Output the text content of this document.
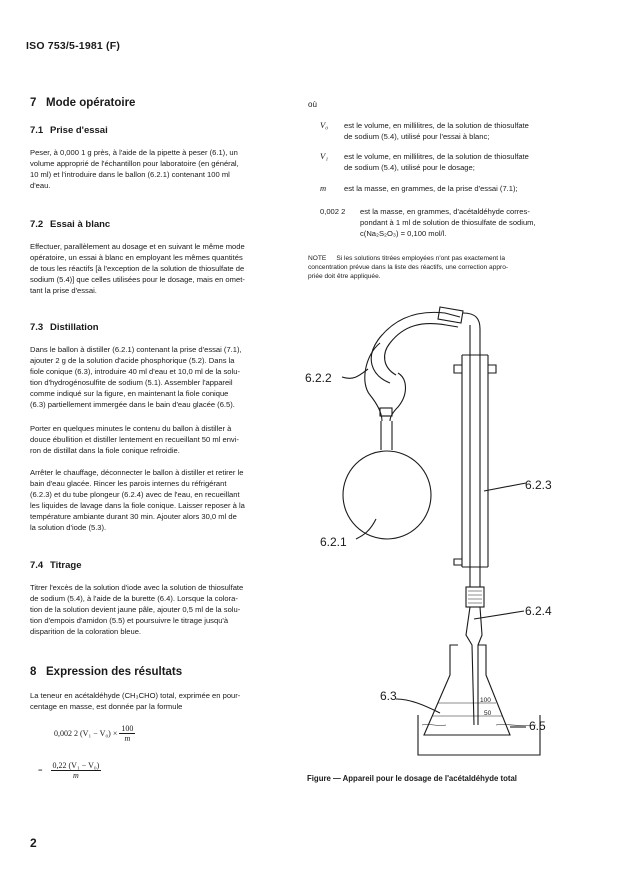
ISO 753/5-1981 (F)
7 Mode opératoire
7.1 Prise d'essai
Peser, à 0,000 1 g près, à l'aide de la pipette à peser (6.1), un
volume approprié de l'échantillon pour laboratoire (en général,
10 ml) et l'introduire dans le ballon (6.2.1) contenant 100 ml
d'eau.
7.2 Essai à blanc
Effectuer, parallèlement au dosage et en suivant le même mode
opératoire, un essai à blanc en employant les mêmes quantités
de tous les réactifs [à l'exception de la solution de thiosulfate de
sodium (5.4)] que celles utilisées pour le dosage, mais en omet-
tant la prise d'essai.
7.3 Distillation
Dans le ballon à distiller (6.2.1) contenant la prise d'essai (7.1),
ajouter 2 g de la solution d'acide phosphorique (5.2). Dans la
fiole conique (6.3), introduire 40 ml d'eau et 10,0 ml de la solu-
tion d'hydrogénosulfite de sodium (5.1). Assembler l'appareil
comme indiqué sur la figure, en maintenant la fiole conique
(6.3) partiellement immergée dans le bain d'eau glacée (6.5).
Porter en quelques minutes le contenu du ballon à distiller à
douce ébullition et distiller lentement en recueillant 50 ml envi-
ron de distillat dans la fiole conique refroidie.
Arrêter le chauffage, déconnecter le ballon à distiller et retirer le
bain d'eau glacée. Rincer les parois internes du réfrigérant
(6.2.3) et du tube plongeur (6.2.4) avec de l'eau, en recueillant
les liquides de lavage dans la fiole conique. Laisser reposer à la
température ambiante durant 30 min. Ajouter alors 30,0 ml de
la solution d'iode (5.3).
7.4 Titrage
Titrer l'excès de la solution d'iode avec la solution de thiosulfate
de sodium (5.4), à l'aide de la burette (6.4). Lorsque la colora-
tion de la solution devient jaune pâle, ajouter 0,5 ml de la solu-
tion d'empois d'amidon (5.5) et poursuivre le titrage jusqu'à
disparition de la coloration bleue.
8 Expression des résultats
La teneur en acétaldéhyde (CH₃CHO) total, exprimée en pour-
centage en masse, est donnée par la formule
0,002 2 $(V_1 - V_0) \times \frac{100}{m}$
= $\frac{\text{0,22 (V₁ − V₀)}}{m}$
2
où
V₀ est le volume, en millilitres, de la solution de thiosulfate
de sodium (5.4), utilisé pour l'essai à blanc;
V₁ est le volume, en millilitres, de la solution de thiosulfate
de sodium (5.4), utilisé pour le dosage;
m est la masse, en grammes, de la prise d'essai (7.1);
0,002 2 est la masse, en grammes, d'acétaldéhyde corres-
pondant à 1 ml de solution de thiosulfate de sodium,
c(Na₂S₂O₃) = 0,100 mol/l.
NOTE Si les solutions titrées employées n'ont pas exactement la
concentration prévue dans la liste des réactifs, une correction appro-
priée doit être appliquée.
6.2.2
6.2.3
6.2.1
6.2.4
6.3
6.5
100
50
Figure — Appareil pour le dosage de l'acétaldéhyde total
